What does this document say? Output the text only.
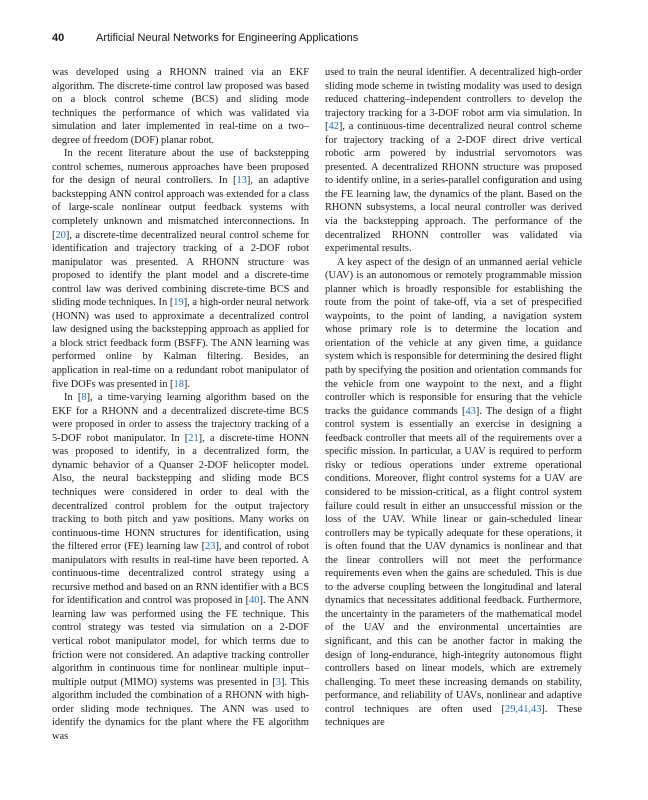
40	Artificial Neural Networks for Engineering Applications

was developed using a RHONN trained via an EKF algorithm. The discrete-time control law proposed was based on a block control scheme (BCS) and sliding mode techniques the performance of which was validated via simulation and later implemented in real-time on a two–degree of freedom (DOF) planar robot.

In the recent literature about the use of backstepping control schemes, numerous approaches have been proposed for the design of neural controllers. In [13], an adaptive backstepping ANN control approach was extended for a class of large-scale nonlinear output feedback systems with completely unknown and mismatched interconnections. In [20], a discrete-time decentralized neural control scheme for identification and trajectory tracking of a 2-DOF robot manipulator was presented. A RHONN structure was proposed to identify the plant model and a discrete-time control law was derived combining discrete-time BCS and sliding mode techniques. In [19], a high-order neural network (HONN) was used to approximate a decentralized control law designed using the backstepping approach as applied for a block strict feedback form (BSFF). The ANN learning was performed online by Kalman filtering. Besides, an application in real-time on a redundant robot manipulator of five DOFs was presented in [18].

In [8], a time-varying learning algorithm based on the EKF for a RHONN and a decentralized discrete-time BCS were proposed in order to assess the trajectory tracking of a 5-DOF robot manipulator. In [21], a discrete-time HONN was proposed to identify, in a decentralized form, the dynamic behavior of a Quanser 2-DOF helicopter model. Also, the neural backstepping and sliding mode BCS techniques were considered in order to deal with the decentralized control problem for the output trajectory tracking to both pitch and yaw positions. Many works on continuous-time HONN structures for identification, using the filtered error (FE) learning law [23], and control of robot manipulators with results in real-time have been reported. A continuous-time decentralized control strategy using a recursive method and based on an RNN identifier with a BCS for identification and control was proposed in [40]. The ANN learning law was performed using the FE technique. This control strategy was tested via simulation on a 2-DOF vertical robot manipulator model, for which terms due to friction were not considered. An adaptive tracking controller algorithm in continuous time for nonlinear multiple input–multiple output (MIMO) systems was presented in [3]. This algorithm included the combination of a RHONN with high-order sliding mode techniques. The ANN was used to identify the dynamics for the plant where the FE algorithm was

used to train the neural identifier. A decentralized high-order sliding mode scheme in twisting modality was used to design reduced chattering–independent controllers to develop the trajectory tracking for a 3-DOF robot arm via simulation. In [42], a continuous-time decentralized neural control scheme for trajectory tracking of a 2-DOF direct drive vertical robotic arm powered by industrial servomotors was presented. A decentralized RHONN structure was proposed to identify online, in a series-parallel configuration and using the FE learning law, the dynamics of the plant. Based on the RHONN subsystems, a local neural controller was derived via the backstepping approach. The performance of the decentralized RHONN controller was validated via experimental results.

A key aspect of the design of an unmanned aerial vehicle (UAV) is an autonomous or remotely programmable mission planner which is broadly responsible for establishing the route from the point of take-off, via a set of prespecified waypoints, to the point of landing, a navigation system whose primary role is to determine the location and orientation of the vehicle at any given time, a guidance system which is responsible for determining the desired flight path by specifying the position and orientation commands for the vehicle from one waypoint to the next, and a flight controller which is responsible for ensuring that the vehicle tracks the guidance commands [43]. The design of a flight control system is essentially an exercise in designing a feedback controller that meets all of the requirements over a specific mission. In particular, a UAV is required to perform risky or tedious operations under extreme operational conditions. Moreover, flight control systems for a UAV are considered to be mission-critical, as a flight control system failure could result in either an unsuccessful mission or the loss of the UAV. While linear or gain-scheduled linear controllers may be typically adequate for these operations, it is often found that the UAV dynamics is nonlinear and that the linear controllers will not meet the performance requirements even when the gains are scheduled. This is due to the adverse coupling between the longitudinal and lateral dynamics that necessitates additional feedback. Furthermore, the uncertainty in the parameters of the mathematical model of the UAV and the environmental uncertainties are significant, and this can be another factor in making the design of long-endurance, high-integrity autonomous flight controllers based on linear models, which are extremely challenging. To meet these increasing demands on stability, performance, and reliability of UAVs, nonlinear and adaptive control techniques are often used [29,41,43]. These techniques are
